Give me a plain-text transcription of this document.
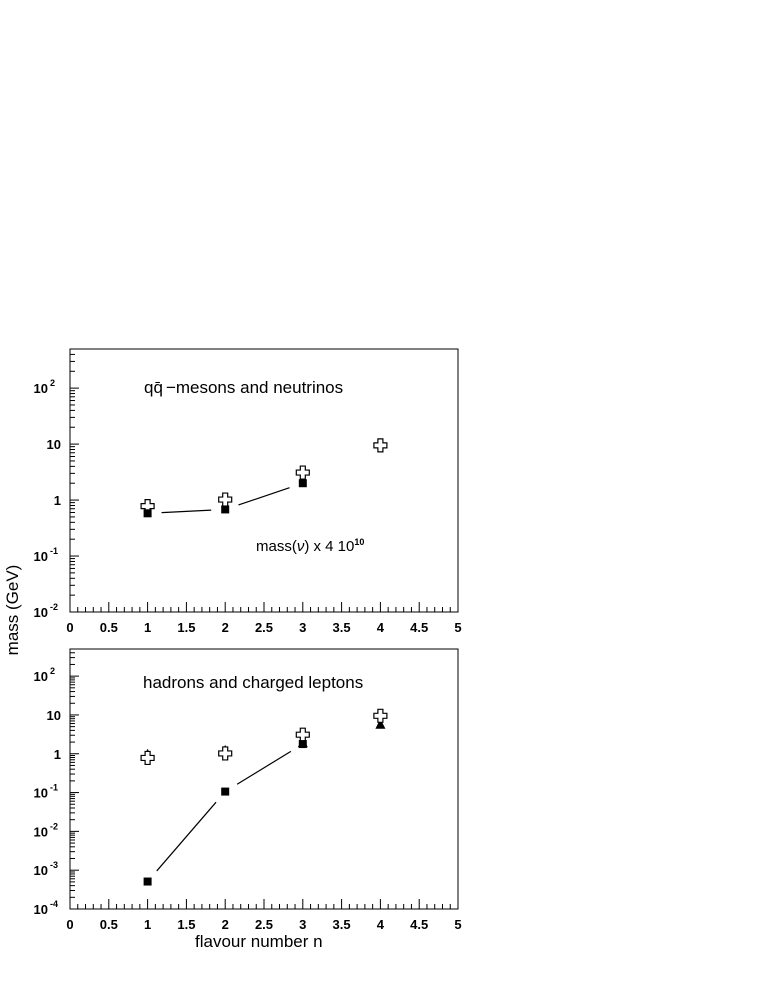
mass (GeV)
10 2
10
1
10 -1
10 -2
0 0.5 1 1.5 2 2.5 3 3.5 4 4.5 5
qq̄ −mesons and neutrinos
mass(ν) x 4 $10^{10}$
10 2
10
1
10 -1
10 -2
10 -3
10 -4
0 0.5 1 1.5 2 2.5 3 3.5 4 4.5 5
hadrons and charged leptons
flavour number n
